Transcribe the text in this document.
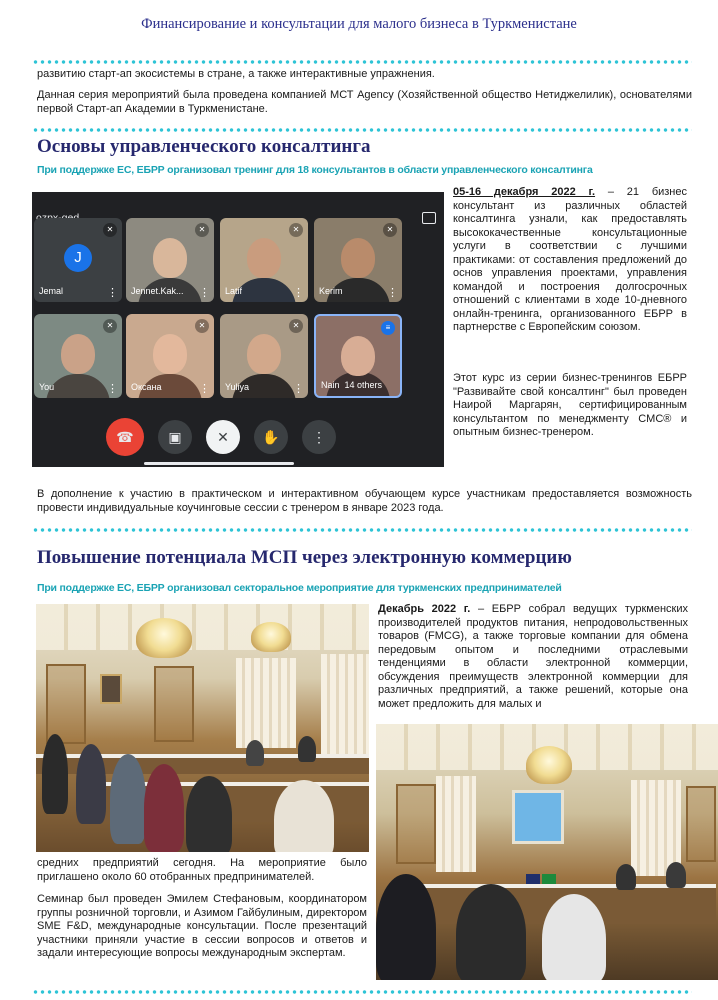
Финансирование и консультации для малого бизнеса в Туркменистане

развитию старт-ап экосистемы в стране, а также интерактивные упражнения.

Данная серия мероприятий была проведена компанией МСТ Agency (Хозяйственной общество Нетиджелилик), основателями первой Старт-ап Академии в Туркменистане.

Основы управленческого консалтинга
При поддержке ЕС, ЕБРР организовал тренинг для 18 консультантов в области управленческого консалтинга
✕
J
Jemal	⋮
✕
Jennet.Kak... ⋮
✕
Latif	⋮
✕
Kerim	⋮
✕
You	⋮
✕
Оксана	⋮
✕
Yuliya	⋮
≡
Nain 14 others
☎	▣	✕	✋	⋮

05-16 декабря 2022 г. – 21 бизнес консультант из различных областей консалтинга узнали, как предоставлять высококачественные консультационные услуги в соответствии с лучшими практиками: от составления предложений до основ управления проектами, управления командой и построения долгосрочных отношений с клиентами в ходе 10-дневного онлайн-тренинга, организованного ЕБРР в партнерстве с Европейским союзом.

Этот курс из серии бизнес-тренингов ЕБРР "Развивайте свой консалтинг" был проведен Наирой Маргарян, сертифицированным консультантом по менеджменту CMC® и опытным бизнес-тренером.

В дополнение к участию в практическом и интерактивном обучающем курсе участникам предоставляется возможность провести индивидуальные коучинговые сессии с тренером в январе 2023 года.

Повышение потенциала МСП через электронную коммерцию
При поддержке ЕС, ЕБРР организовал секторальное мероприятие для туркменских предпринимателей

Декабрь 2022 г. – ЕБРР собрал ведущих туркменских производителей продуктов питания, непродовольственных товаров (FMCG), а также торговые компании для обмена передовым опытом и последними отраслевыми тенденциями в области электронной коммерции, обсуждения преимуществ электронной коммерции для различных предприятий, а также решений, которые она может предложить для малых и

средних предприятий сегодня. На мероприятие было приглашено около 60 отобранных предпринимателей.

Семинар был проведен Эмилем Стефановым, координатором группы розничной торговли, и Азимом Гайбулиным, директором SME F&D, международные консультации. После презентаций участники приняли участие в сессии вопросов и ответов и задали интересующие вопросы международным экспертам.
